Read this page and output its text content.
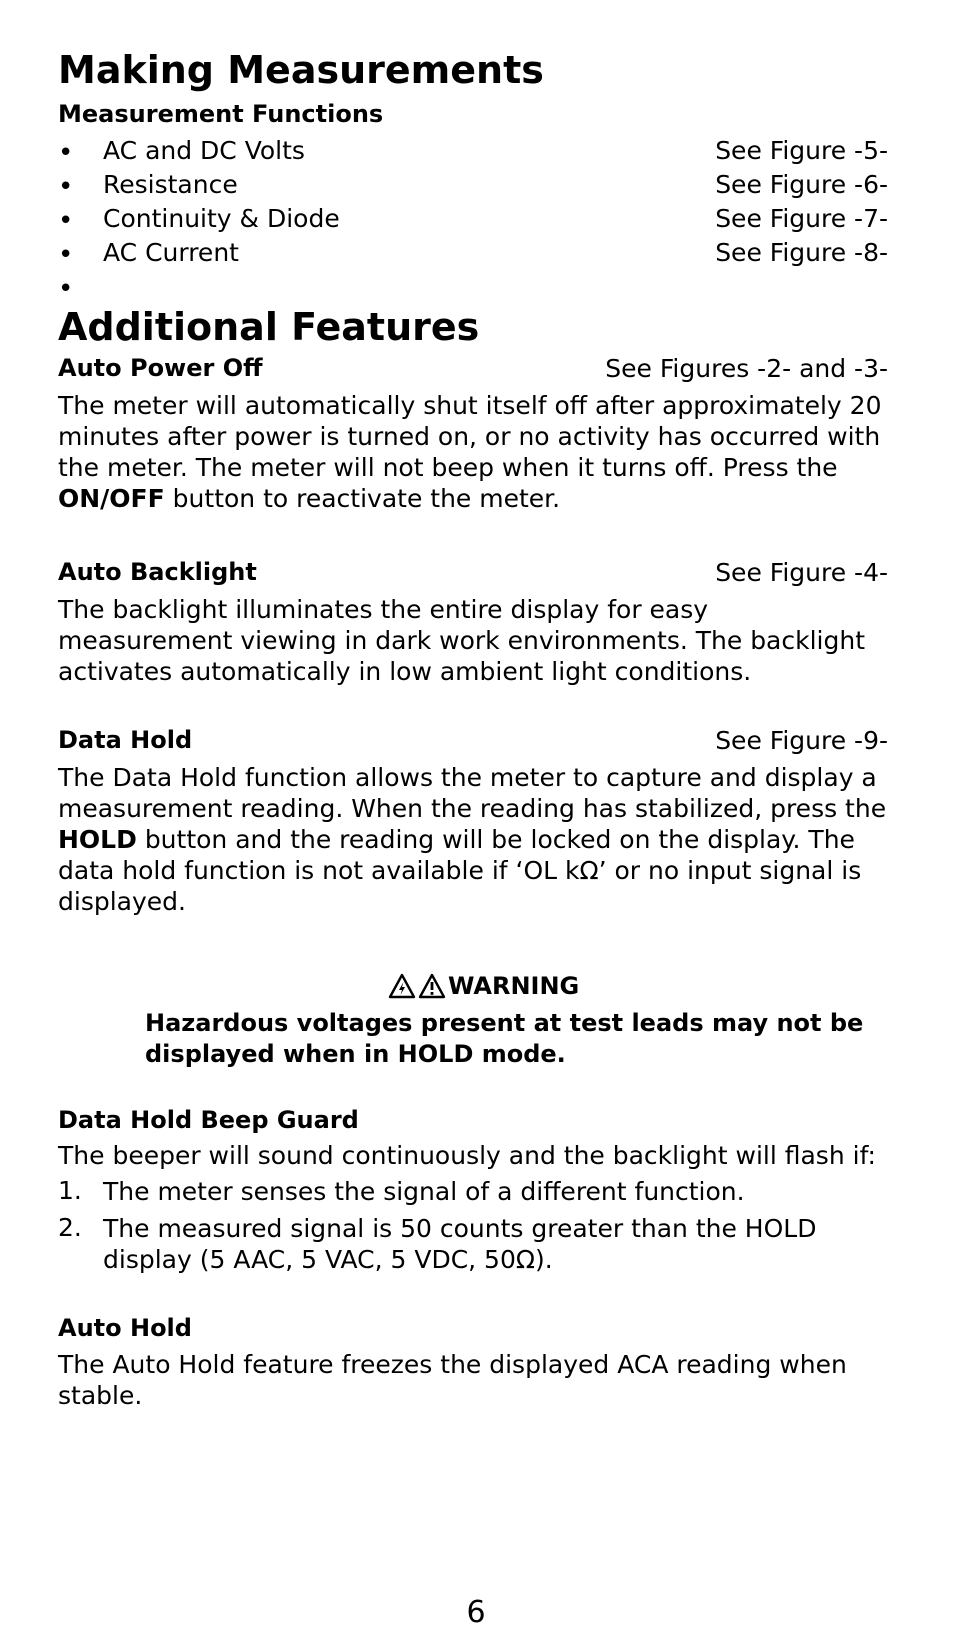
Making Measurements
Measurement Functions
• AC and DC Volts	See Figure -5-
• Resistance	See Figure -6-
• Continuity & Diode	See Figure -7-
• AC Current	See Figure -8-
•
Additional Features
Auto Power Off	See Figures -2- and -3-
The meter will automatically shut itself off after approximately 20 minutes after power is turned on, or no activity has occurred with the meter. The meter will not beep when it turns off. Press the ON/OFF button to reactivate the meter.
Auto Backlight	See Figure -4-
The backlight illuminates the entire display for easy measurement viewing in dark work environments. The backlight activates automatically in low ambient light conditions.
Data Hold	See Figure -9-
The Data Hold function allows the meter to capture and display a measurement reading. When the reading has stabilized, press the HOLD button and the reading will be locked on the display. The data hold function is not available if ‘OL kΩ’ or no input signal is displayed.
WARNING
Hazardous voltages present at test leads may not be displayed when in HOLD mode.
Data Hold Beep Guard
The beeper will sound continuously and the backlight will flash if:
1. The meter senses the signal of a different function.
2. The measured signal is 50 counts greater than the HOLD display (5 AAC, 5 VAC, 5 VDC, 50Ω).
Auto Hold
The Auto Hold feature freezes the displayed ACA reading when stable.
6
